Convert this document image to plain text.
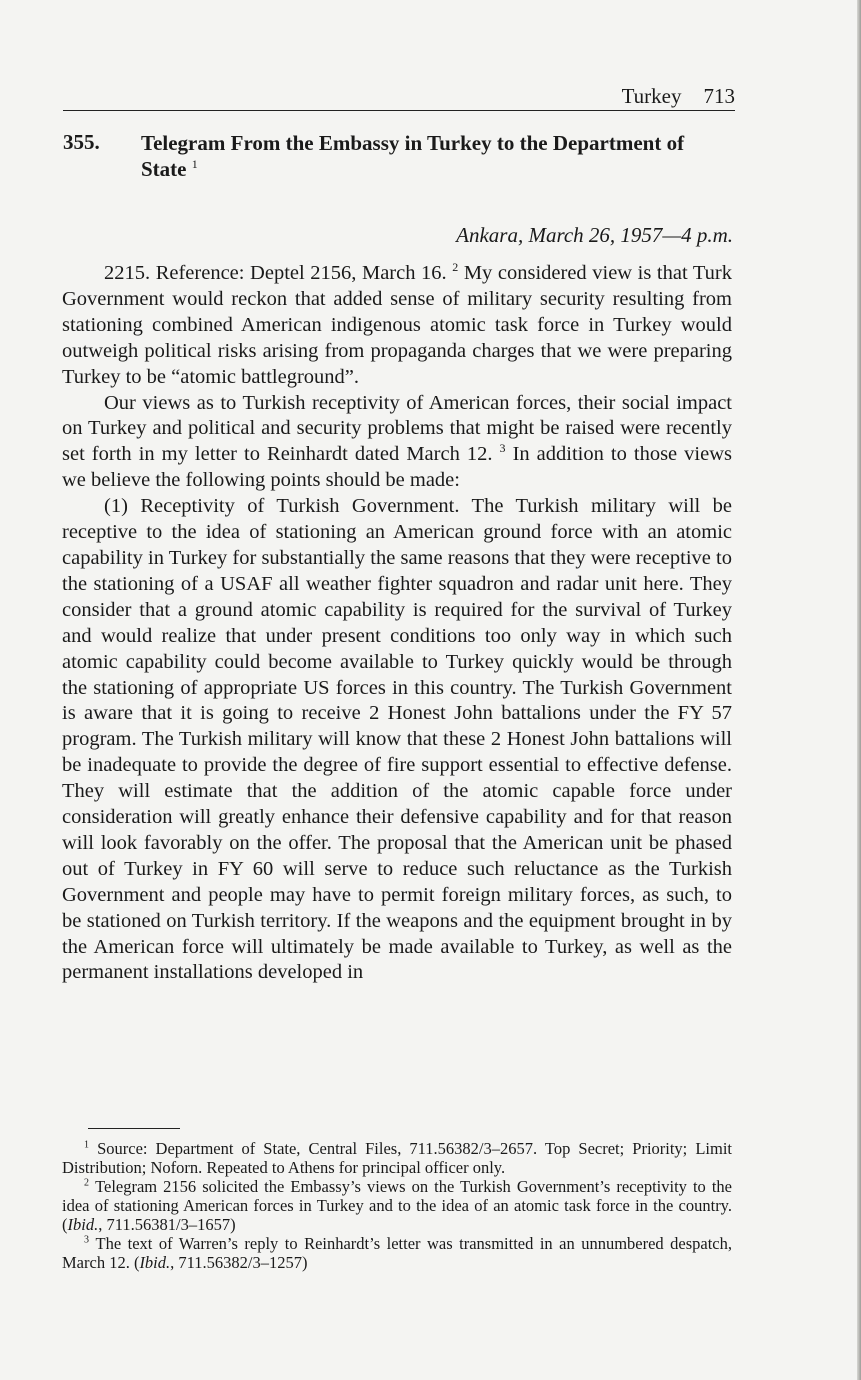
Turkey 713
355. Telegram From the Embassy in Turkey to the Department of State $^1$
Ankara, March 26, 1957—4 p.m.

2215. Reference: Deptel 2156, March 16. $^2$ My considered view is that Turk Government would reckon that added sense of military security resulting from stationing combined American indigenous atomic task force in Turkey would outweigh political risks arising from propaganda charges that we were preparing Turkey to be “atomic battleground”.

Our views as to Turkish receptivity of American forces, their social impact on Turkey and political and security problems that might be raised were recently set forth in my letter to Reinhardt dated March 12. $^3$ In addition to those views we believe the following points should be made:

(1) Receptivity of Turkish Government. The Turkish military will be receptive to the idea of stationing an American ground force with an atomic capability in Turkey for substantially the same reasons that they were receptive to the stationing of a USAF all weather fighter squadron and radar unit here. They consider that a ground atomic capability is required for the survival of Turkey and would realize that under present conditions too only way in which such atomic capability could become available to Turkey quickly would be through the stationing of appropriate US forces in this country. The Turkish Government is aware that it is going to receive 2 Honest John battalions under the FY 57 program. The Turkish military will know that these 2 Honest John battalions will be inadequate to provide the degree of fire support essential to effective defense. They will estimate that the addition of the atomic capable force under consideration will greatly enhance their defensive capability and for that reason will look favorably on the offer. The proposal that the American unit be phased out of Turkey in FY 60 will serve to reduce such reluctance as the Turkish Government and people may have to permit foreign military forces, as such, to be stationed on Turkish territory. If the weapons and the equipment brought in by the American force will ultimately be made available to Turkey, as well as the permanent installations developed in

$^1$ Source: Department of State, Central Files, 711.56382/3–2657. Top Secret; Priority; Limit Distribution; Noforn. Repeated to Athens for principal officer only.

$^2$ Telegram 2156 solicited the Embassy’s views on the Turkish Government’s receptivity to the idea of stationing American forces in Turkey and to the idea of an atomic task force in the country. (Ibid., 711.56381/3–1657)

$^3$ The text of Warren’s reply to Reinhardt’s letter was transmitted in an unnumbered despatch, March 12. (Ibid., 711.56382/3–1257)
